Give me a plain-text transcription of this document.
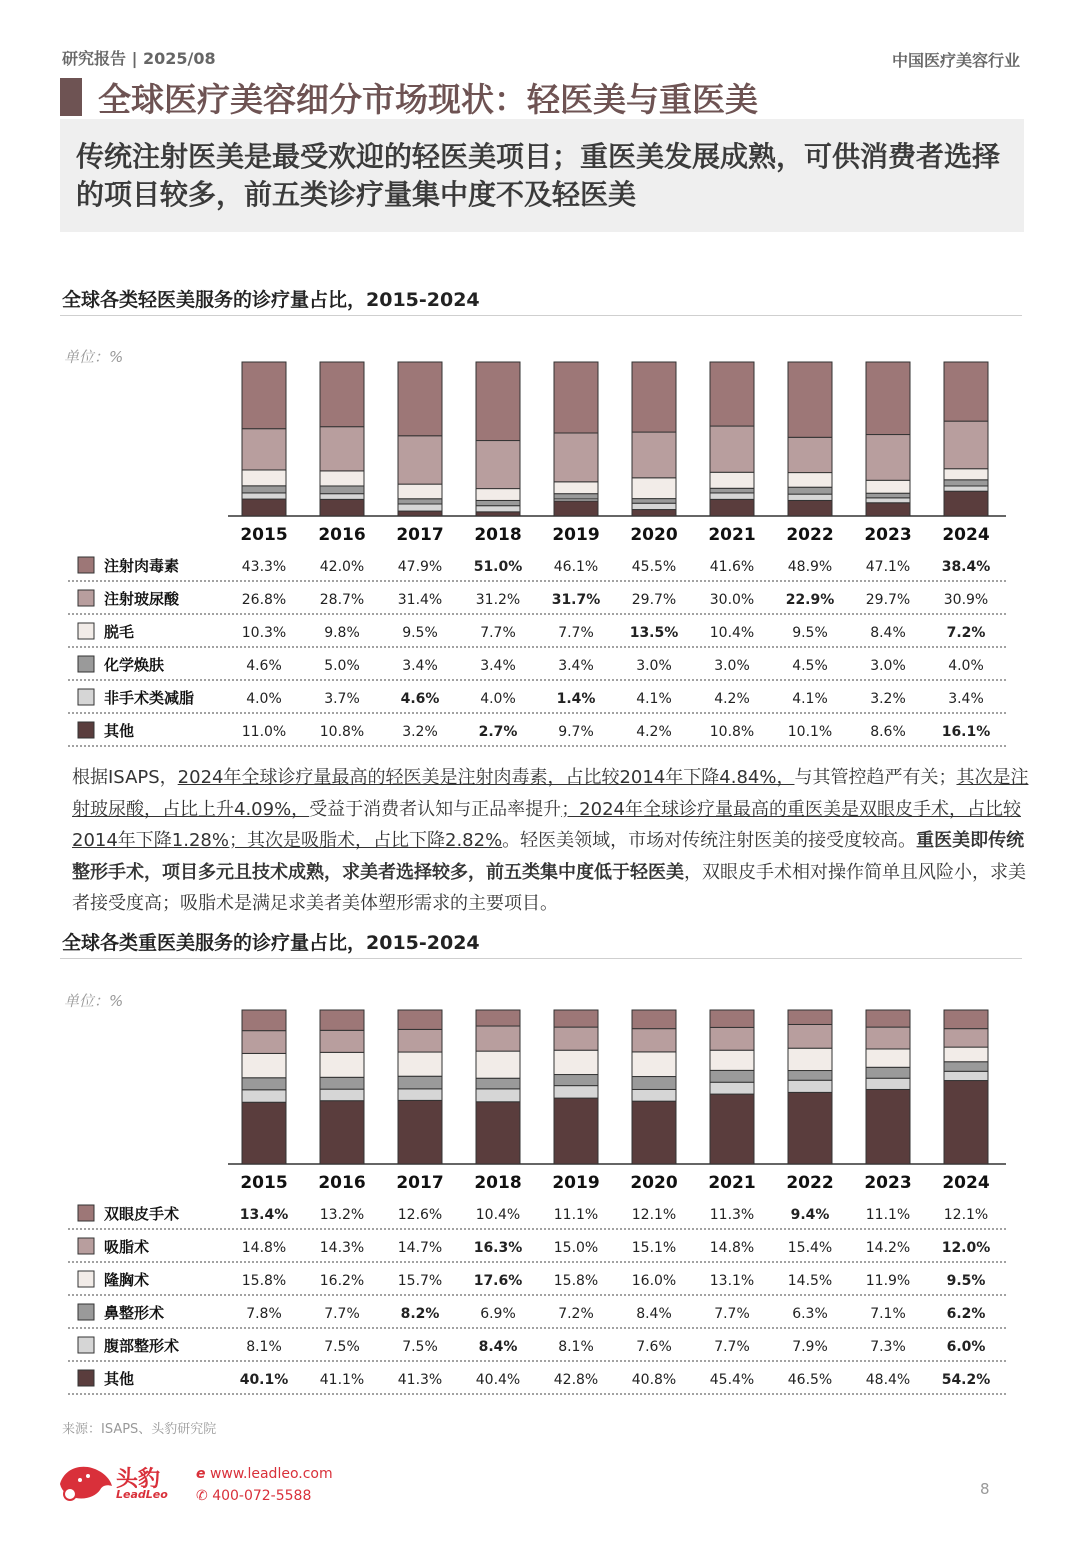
研究报告 | 2025/08	中国医疗美容行业
全球医疗美容细分市场现状：轻医美与重医美
传统注射医美是最受欢迎的轻医美项目；重医美发展成熟，可供消费者选择的项目较多，前五类诊疗量集中度不及轻医美
全球各类轻医美服务的诊疗量占比，2015-2024
单位：%
2015 2016 2017 2018 2019 2020 2021 2022 2023 2024
注射肉毒素	43.3% 42.0% 47.9% 51.0% 46.1% 45.5% 41.6% 48.9% 47.1% 38.4%
注射玻尿酸	26.8% 28.7% 31.4% 31.2% 31.7% 29.7% 30.0% 22.9% 29.7% 30.9%
脱毛	10.3%	9.8%	9.5%	7.7%	7.7%	13.5% 10.4%	9.5%	8.4%	7.2%
化学焕肤	4.6%	5.0%	3.4%	3.4%	3.4%	3.0%	3.0%	4.5%	3.0%	4.0%
非手术类减脂	4.0%	3.7%	4.6%	4.0%	1.4%	4.1%	4.2%	4.1%	3.2%	3.4%
其他	11.0% 10.8%	3.2%	2.7%	9.7%	4.2%	10.8% 10.1%	8.6%	16.1%
根据ISAPS，2024年全球诊疗量最高的轻医美是注射肉毒素，占比较2014年下降4.84%，与其管控趋严有关；其次是注射玻尿酸，占比上升4.09%，受益于消费者认知与正品率提升；2024年全球诊疗量最高的重医美是双眼皮手术，占比较2014年下降1.28%；其次是吸脂术，占比下降2.82%。轻医美领域，市场对传统注射医美的接受度较高。重医美即传统整形手术，项目多元且技术成熟，求美者选择较多，前五类集中度低于轻医美，双眼皮手术相对操作简单且风险小，求美者接受度高；吸脂术是满足求美者美体塑形需求的主要项目。
全球各类重医美服务的诊疗量占比，2015-2024
单位：%
2015 2016 2017 2018 2019 2020 2021 2022 2023 2024
双眼皮手术	13.4% 13.2% 12.6% 10.4% 11.1% 12.1% 11.3%	9.4%	11.1% 12.1%
吸脂术	14.8% 14.3% 14.7% 16.3% 15.0% 15.1% 14.8% 15.4% 14.2% 12.0%
隆胸术	15.8% 16.2% 15.7% 17.6% 15.8% 16.0% 13.1% 14.5% 11.9%	9.5%
鼻整形术	7.8%	7.7%	8.2%	6.9%	7.2%	8.4%	7.7%	6.3%	7.1%	6.2%
腹部整形术	8.1%	7.5%	7.5%	8.4%	8.1%	7.6%	7.7%	7.9%	7.3%	6.0%
其他	40.1% 41.1% 41.3% 40.4% 42.8% 40.8% 45.4% 46.5% 48.4% 54.2%
来源：ISAPS、头豹研究院
头豹
LeadLeo
e www.leadleo.com
✆ 400-072-5588	8
